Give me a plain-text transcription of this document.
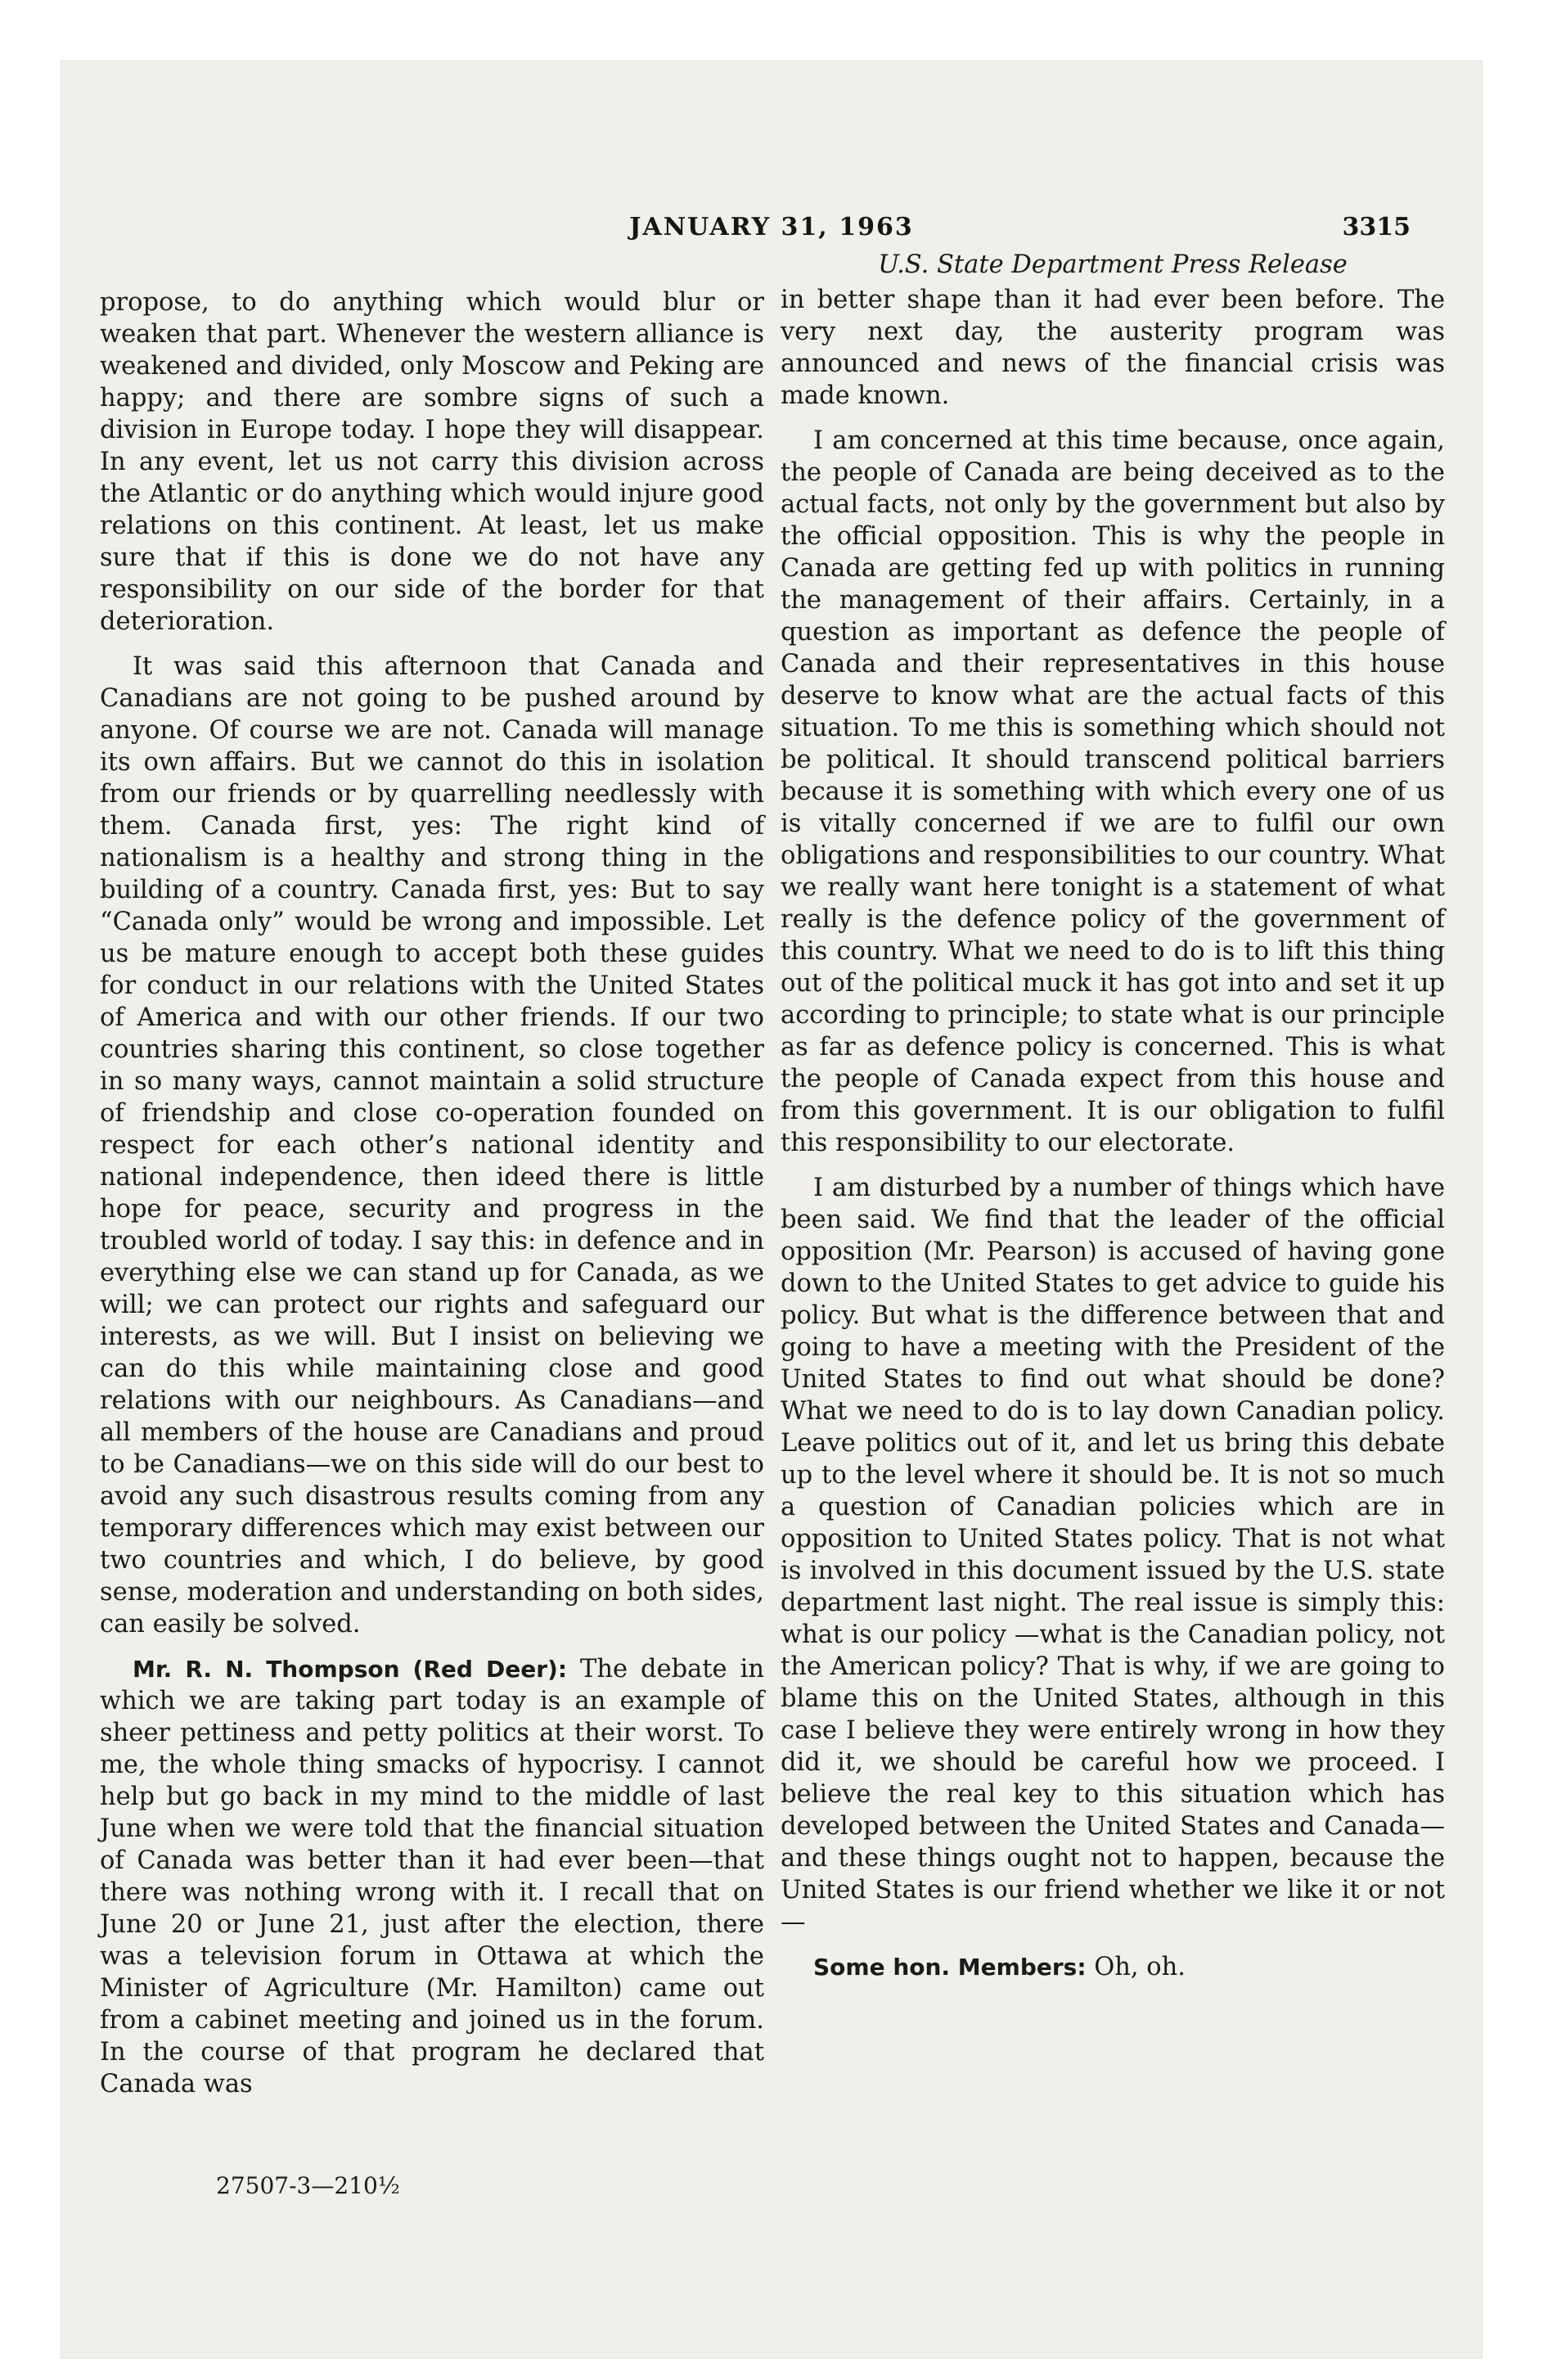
JANUARY 31, 1963	3315

propose, to do anything which would blur or weaken that part. Whenever the western alliance is weakened and divided, only Moscow and Peking are happy; and there are sombre signs of such a division in Europe today. I hope they will disappear. In any event, let us not carry this division across the Atlantic or do anything which would injure good relations on this continent. At least, let us make sure that if this is done we do not have any responsibility on our side of the border for that deterioration.

It was said this afternoon that Canada and Canadians are not going to be pushed around by anyone. Of course we are not. Canada will manage its own affairs. But we cannot do this in isolation from our friends or by quarrelling needlessly with them. Canada first, yes: The right kind of nationalism is a healthy and strong thing in the building of a country. Canada first, yes: But to say “Canada only” would be wrong and impossible. Let us be mature enough to accept both these guides for conduct in our relations with the United States of America and with our other friends. If our two countries sharing this continent, so close together in so many ways, cannot maintain a solid structure of friendship and close co-operation founded on respect for each other’s national identity and national independence, then ideed there is little hope for peace, security and progress in the troubled world of today. I say this: in defence and in everything else we can stand up for Canada, as we will; we can protect our rights and safeguard our interests, as we will. But I insist on believing we can do this while maintaining close and good relations with our neighbours. As Canadians—and all members of the house are Canadians and proud to be Canadians—we on this side will do our best to avoid any such disastrous results coming from any temporary differences which may exist between our two countries and which, I do believe, by good sense, moderation and understanding on both sides, can easily be solved.

Mr. R. N. Thompson (Red Deer): The debate in which we are taking part today is an example of sheer pettiness and petty politics at their worst. To me, the whole thing smacks of hypocrisy. I cannot help but go back in my mind to the middle of last June when we were told that the financial situation of Canada was better than it had ever been—that there was nothing wrong with it. I recall that on June 20 or June 21, just after the election, there was a television forum in Ottawa at which the Minister of Agriculture (Mr. Hamilton) came out from a cabinet meeting and joined us in the forum. In the course of that program he declared that Canada was

U.S. State Department Press Release

in better shape than it had ever been before. The very next day, the austerity program was announced and news of the financial crisis was made known.

I am concerned at this time because, once again, the people of Canada are being deceived as to the actual facts, not only by the government but also by the official opposition. This is why the people in Canada are getting fed up with politics in running the management of their affairs. Certainly, in a question as important as defence the people of Canada and their representatives in this house deserve to know what are the actual facts of this situation. To me this is something which should not be political. It should transcend political barriers because it is something with which every one of us is vitally concerned if we are to fulfil our own obligations and responsibilities to our country. What we really want here tonight is a statement of what really is the defence policy of the government of this country. What we need to do is to lift this thing out of the political muck it has got into and set it up according to principle; to state what is our principle as far as defence policy is concerned. This is what the people of Canada expect from this house and from this government. It is our obligation to fulfil this responsibility to our electorate.

I am disturbed by a number of things which have been said. We find that the leader of the official opposition (Mr. Pearson) is accused of having gone down to the United States to get advice to guide his policy. But what is the difference between that and going to have a meeting with the President of the United States to find out what should be done? What we need to do is to lay down Canadian policy. Leave politics out of it, and let us bring this debate up to the level where it should be. It is not so much a question of Canadian policies which are in opposition to United States policy. That is not what is involved in this document issued by the U.S. state department last night. The real issue is simply this: what is our policy —what is the Canadian policy, not the American policy? That is why, if we are going to blame this on the United States, although in this case I believe they were entirely wrong in how they did it, we should be careful how we proceed. I believe the real key to this situation which has developed between the United States and Canada—and these things ought not to happen, because the United States is our friend whether we like it or not—

Some hon. Members: Oh, oh.

27507-3—210½
